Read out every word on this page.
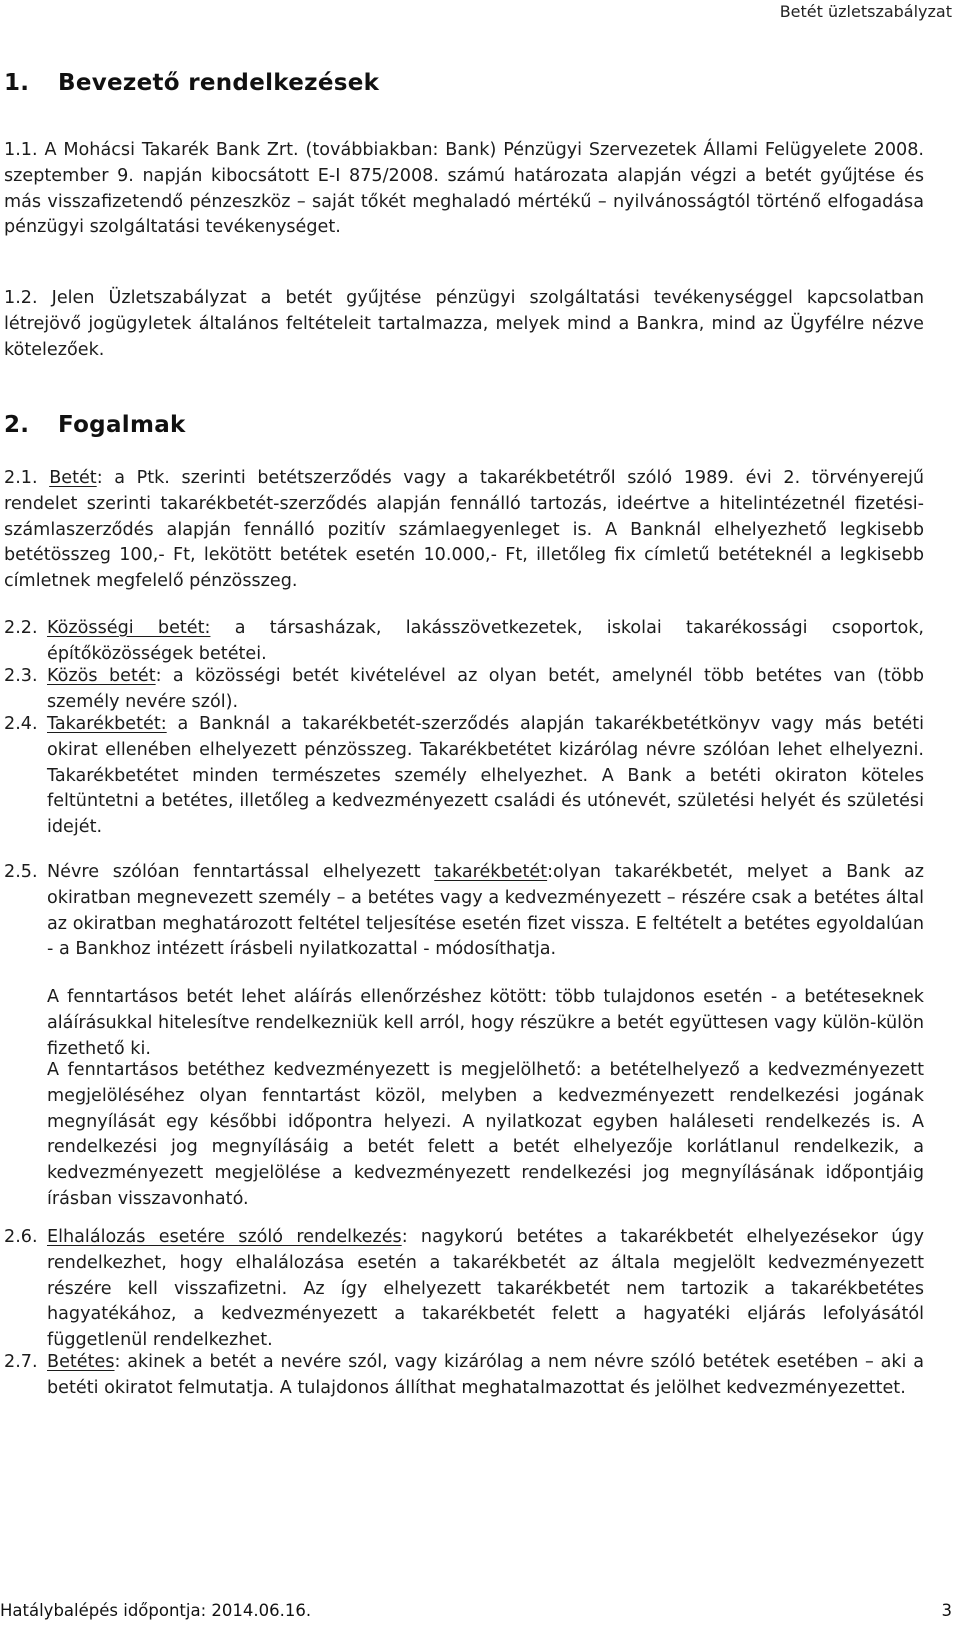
Betét üzletszabályzat
1. Bevezető rendelkezések
1.1. A Mohácsi Takarék Bank Zrt. (továbbiakban: Bank) Pénzügyi Szervezetek Állami Felügyelete 2008. szeptember 9. napján kibocsátott E-I 875/2008. számú határozata alapján végzi a betét gyűjtése és más visszafizetendő pénzeszköz – saját tőkét meghaladó mértékű – nyilvánosságtól történő elfogadása pénzügyi szolgáltatási tevékenységet.
1.2. Jelen Üzletszabályzat a betét gyűjtése pénzügyi szolgáltatási tevékenységgel kapcsolatban létrejövő jogügyletek általános feltételeit tartalmazza, melyek mind a Bankra, mind az Ügyfélre nézve kötelezőek.
2. Fogalmak
2.1. Betét: a Ptk. szerinti betétszerződés vagy a takarékbetétről szóló 1989. évi 2. törvényerejű rendelet szerinti takarékbetét-szerződés alapján fennálló tartozás, ideértve a hitelintézetnél fizetési-számlaszerződés alapján fennálló pozitív számlaegyenleget is. A Banknál elhelyezhető legkisebb betétösszeg 100,- Ft, lekötött betétek esetén 10.000,- Ft, illetőleg fix címletű betéteknél a legkisebb címletnek megfelelő pénzösszeg.
2.2. Közösségi betét: a társasházak, lakásszövetkezetek, iskolai takarékossági csoportok, építőközösségek betétei.
2.3. Közös betét: a közösségi betét kivételével az olyan betét, amelynél több betétes van (több személy nevére szól).
2.4. Takarékbetét: a Banknál a takarékbetét-szerződés alapján takarékbetétkönyv vagy más betéti okirat ellenében elhelyezett pénzösszeg. Takarékbetétet kizárólag névre szólóan lehet elhelyezni. Takarékbetétet minden természetes személy elhelyezhet. A Bank a betéti okiraton köteles feltüntetni a betétes, illetőleg a kedvezményezett családi és utónevét, születési helyét és születési idejét.
2.5. Névre szólóan fenntartással elhelyezett takarékbetét:olyan takarékbetét, melyet a Bank az okiratban megnevezett személy – a betétes vagy a kedvezményezett – részére csak a betétes által az okiratban meghatározott feltétel teljesítése esetén fizet vissza. E feltételt a betétes egyoldalúan - a Bankhoz intézett írásbeli nyilatkozattal - módosíthatja.
A fenntartásos betét lehet aláírás ellenőrzéshez kötött: több tulajdonos esetén - a betéteseknek aláírásukkal hitelesítve rendelkezniük kell arról, hogy részükre a betét együttesen vagy külön-külön fizethető ki.
A fenntartásos betéthez kedvezményezett is megjelölhető: a betételhelyező a kedvezményezett megjelöléséhez olyan fenntartást közöl, melyben a kedvezményezett rendelkezési jogának megnyílását egy későbbi időpontra helyezi. A nyilatkozat egyben haláleseti rendelkezés is. A rendelkezési jog megnyílásáig a betét felett a betét elhelyezője korlátlanul rendelkezik, a kedvezményezett megjelölése a kedvezményezett rendelkezési jog megnyílásának időpontjáig írásban visszavonható.
2.6. Elhalálozás esetére szóló rendelkezés: nagykorú betétes a takarékbetét elhelyezésekor úgy rendelkezhet, hogy elhalálozása esetén a takarékbetét az általa megjelölt kedvezményezett részére kell visszafizetni. Az így elhelyezett takarékbetét nem tartozik a takarékbetétes hagyatékához, a kedvezményezett a takarékbetét felett a hagyatéki eljárás lefolyásától függetlenül rendelkezhet.
2.7. Betétes: akinek a betét a nevére szól, vagy kizárólag a nem névre szóló betétek esetében – aki a betéti okiratot felmutatja. A tulajdonos állíthat meghatalmazottat és jelölhet kedvezményezettet.
Hatálybalépés időpontja: 2014.06.16.	3
